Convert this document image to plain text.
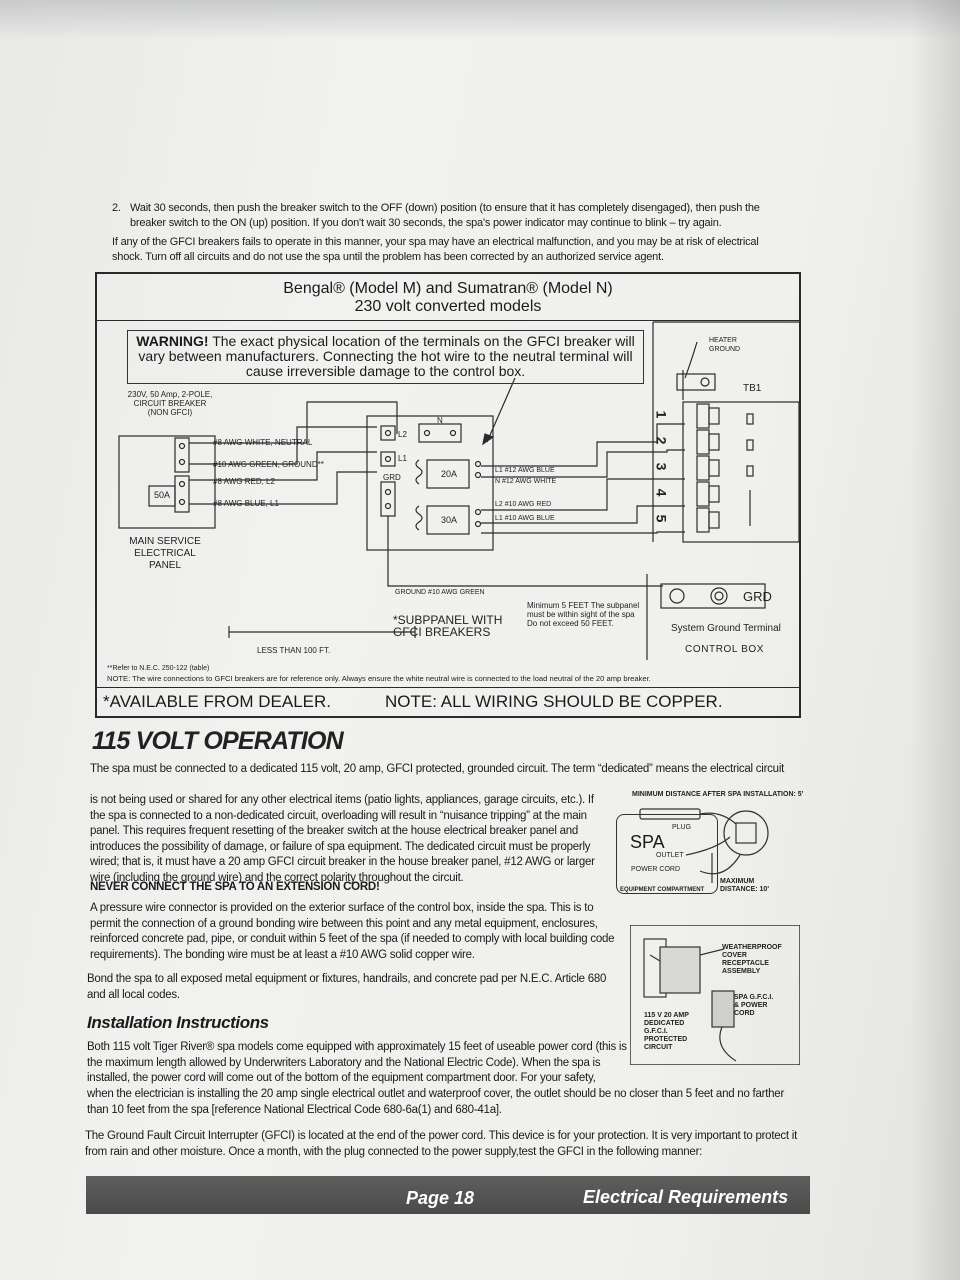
2. Wait 30 seconds, then push the breaker switch to the OFF (down) position (to ensure that it has completely disengaged), then push the breaker switch to the ON (up) position. If you don't wait 30 seconds, the spa's power indicator may continue to blink – try again.
If any of the GFCI breakers fails to operate in this manner, your spa may have an electrical malfunction, and you may be at risk of electrical shock. Turn off all circuits and do not use the spa until the problem has been corrected by an authorized service agent.
Bengal® (Model M) and Sumatran® (Model N)
230 volt converted models
WARNING! The exact physical location of the terminals on the GFCI breaker will vary between manufacturers. Connecting the hot wire to the neutral terminal will cause irreversible damage to the control box.
230V, 50 Amp, 2-POLE, CIRCUIT BREAKER (NON GFCI)
#8 AWG WHITE, NEUTRAL
#10 AWG GREEN, GROUND**
#8 AWG RED, L2
#8 AWG BLUE, L1
50A
MAIN SERVICE ELECTRICAL PANEL
L2
L1
GRD
N
20A
30A
L1 #12 AWG BLUE
N #12 AWG WHITE
L2 #10 AWG RED
L1 #10 AWG BLUE
GROUND #10 AWG GREEN
HEATER GROUND
TB1
1
2
3
4
5
GRD
Minimum 5 FEET The subpanel must be within sight of the spa Do not exceed 50 FEET.	System Ground Terminal
CONTROL BOX
*SUBPPANEL WITH GFCI BREAKERS
LESS THAN 100 FT.
**Refer to N.E.C. 250-122 (table)
NOTE: The wire connections to GFCI breakers are for reference only. Always ensure the white neutral wire is connected to the load neutral of the 20 amp breaker.
*AVAILABLE FROM DEALER.	NOTE: ALL WIRING SHOULD BE COPPER.
115 VOLT OPERATION
The spa must be connected to a dedicated 115 volt, 20 amp, GFCI protected, grounded circuit. The term “dedicated” means the electrical circuit
is not being used or shared for any other electrical items (patio lights, appliances, garage circuits, etc.). If the spa is connected to a non-dedicated circuit, overloading will result in “nuisance tripping” at the main panel. This requires frequent resetting of the breaker switch at the house electrical breaker panel and introduces the possibility of damage, or failure of spa equipment. The dedicated circuit must be properly wired; that is, it must have a 20 amp GFCI circuit breaker in the house breaker panel, #12 AWG or larger wire (including the ground wire) and the correct polarity throughout the circuit.
NEVER CONNECT THE SPA TO AN EXTENSION CORD!
A pressure wire connector is provided on the exterior surface of the control box, inside the spa. This is to permit the connection of a ground bonding wire between this point and any metal equipment, enclosures, reinforced concrete pad, pipe, or conduit within 5 feet of the spa (if needed to comply with local building code requirements). The bonding wire must be at least a #10 AWG solid copper wire.
Bond the spa to all exposed metal equipment or fixtures, handrails, and concrete pad per N.E.C. Article 680 and all local codes.
Installation Instructions
Both 115 volt Tiger River® spa models come equipped with approximately 15 feet of useable power cord (this is the maximum length allowed by Underwriters Laboratory and the National Electric Code). When the spa is installed, the power cord will come out of the bottom of the equipment compartment door. For your safety,
when the electrician is installing the 20 amp single electrical outlet and waterproof cover, the outlet should be no closer than 5 feet and no farther than 10 feet from the spa [reference National Electrical Code 680-6a(1) and 680-41a].
The Ground Fault Circuit Interrupter (GFCI) is located at the end of the power cord. This device is for your protection. It is very important to protect it from rain and other moisture. Once a month, with the plug connected to the power supply,test the GFCI in the following manner:
MINIMUM DISTANCE AFTER SPA INSTALLATION: 5'
SPA
PLUG
OUTLET
POWER CORD
EQUIPMENT COMPARTMENT
MAXIMUM DISTANCE: 10'
WEATHERPROOF COVER RECEPTACLE ASSEMBLY
115 V 20 AMP DEDICATED G.F.C.I. PROTECTED CIRCUIT
SPA G.F.C.I. & POWER CORD
Page 18	Electrical Requirements
